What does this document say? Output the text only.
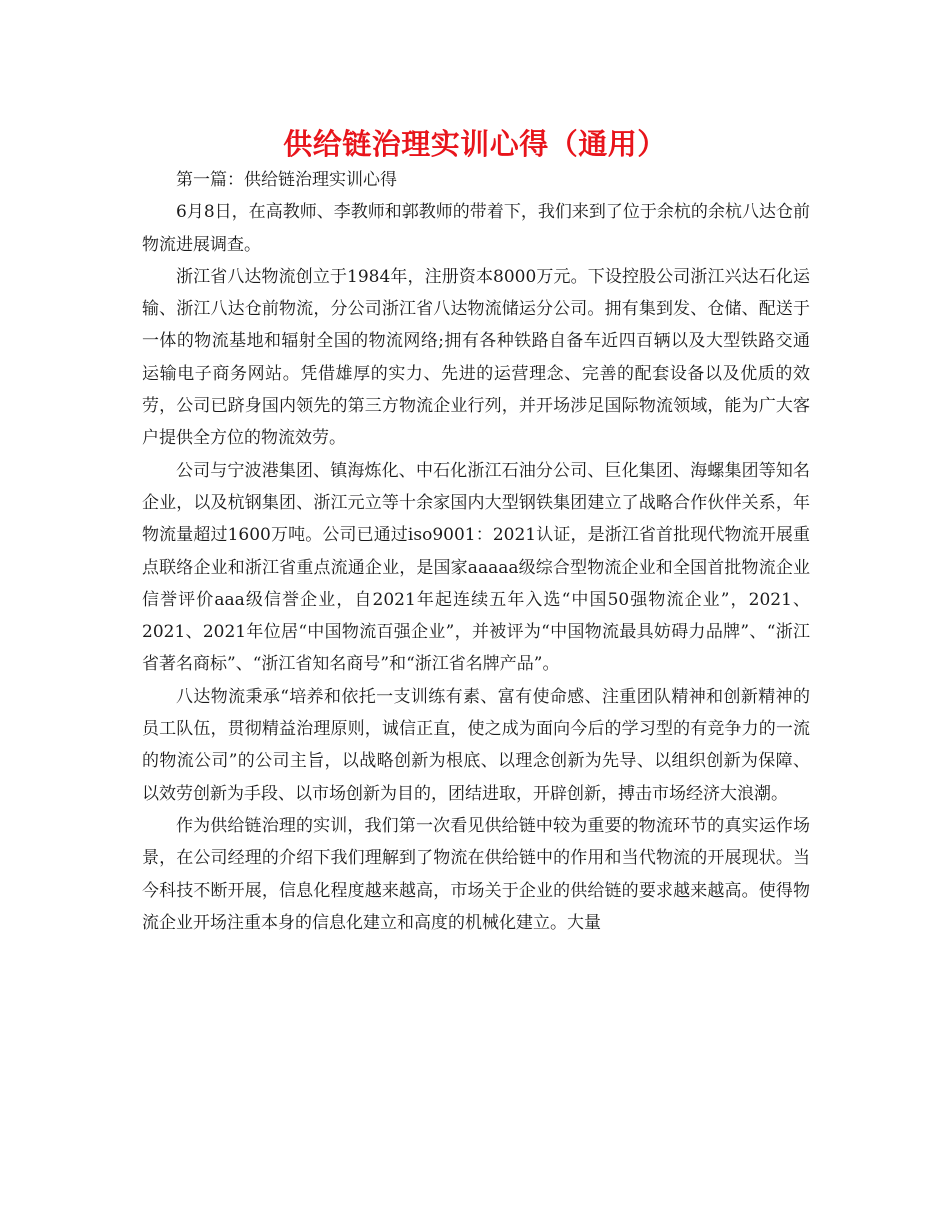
供给链治理实训心得（通用）

第一篇：供给链治理实训心得

6月8日，在高教师、李教师和郭教师的带着下，我们来到了位于余杭的余杭八达仓前物流进展调查。

浙江省八达物流创立于1984年，注册资本8000万元。下设控股公司浙江兴达石化运输、浙江八达仓前物流，分公司浙江省八达物流储运分公司。拥有集到发、仓储、配送于一体的物流基地和辐射全国的物流网络;拥有各种铁路自备车近四百辆以及大型铁路交通运输电子商务网站。凭借雄厚的实力、先进的运营理念、完善的配套设备以及优质的效劳，公司已跻身国内领先的第三方物流企业行列，并开场涉足国际物流领域，能为广大客户提供全方位的物流效劳。

公司与宁波港集团、镇海炼化、中石化浙江石油分公司、巨化集团、海螺集团等知名企业，以及杭钢集团、浙江元立等十余家国内大型钢铁集团建立了战略合作伙伴关系，年物流量超过1600万吨。公司已通过iso9001：2021认证，是浙江省首批现代物流开展重点联络企业和浙江省重点流通企业，是国家aaaaa级综合型物流企业和全国首批物流企业信誉评价aaa级信誉企业，自2021年起连续五年入选“中国50强物流企业”，2021、2021、2021年位居“中国物流百强企业”，并被评为“中国物流最具妨碍力品牌”、“浙江省著名商标”、“浙江省知名商号”和“浙江省名牌产品”。

八达物流秉承“培养和依托一支训练有素、富有使命感、注重团队精神和创新精神的员工队伍，贯彻精益治理原则，诚信正直，使之成为面向今后的学习型的有竞争力的一流的物流公司”的公司主旨，以战略创新为根底、以理念创新为先导、以组织创新为保障、以效劳创新为手段、以市场创新为目的，团结进取，开辟创新，搏击市场经济大浪潮。

作为供给链治理的实训，我们第一次看见供给链中较为重要的物流环节的真实运作场景，在公司经理的介绍下我们理解到了物流在供给链中的作用和当代物流的开展现状。当今科技不断开展，信息化程度越来越高，市场关于企业的供给链的要求越来越高。使得物流企业开场注重本身的信息化建立和高度的机械化建立。大量
